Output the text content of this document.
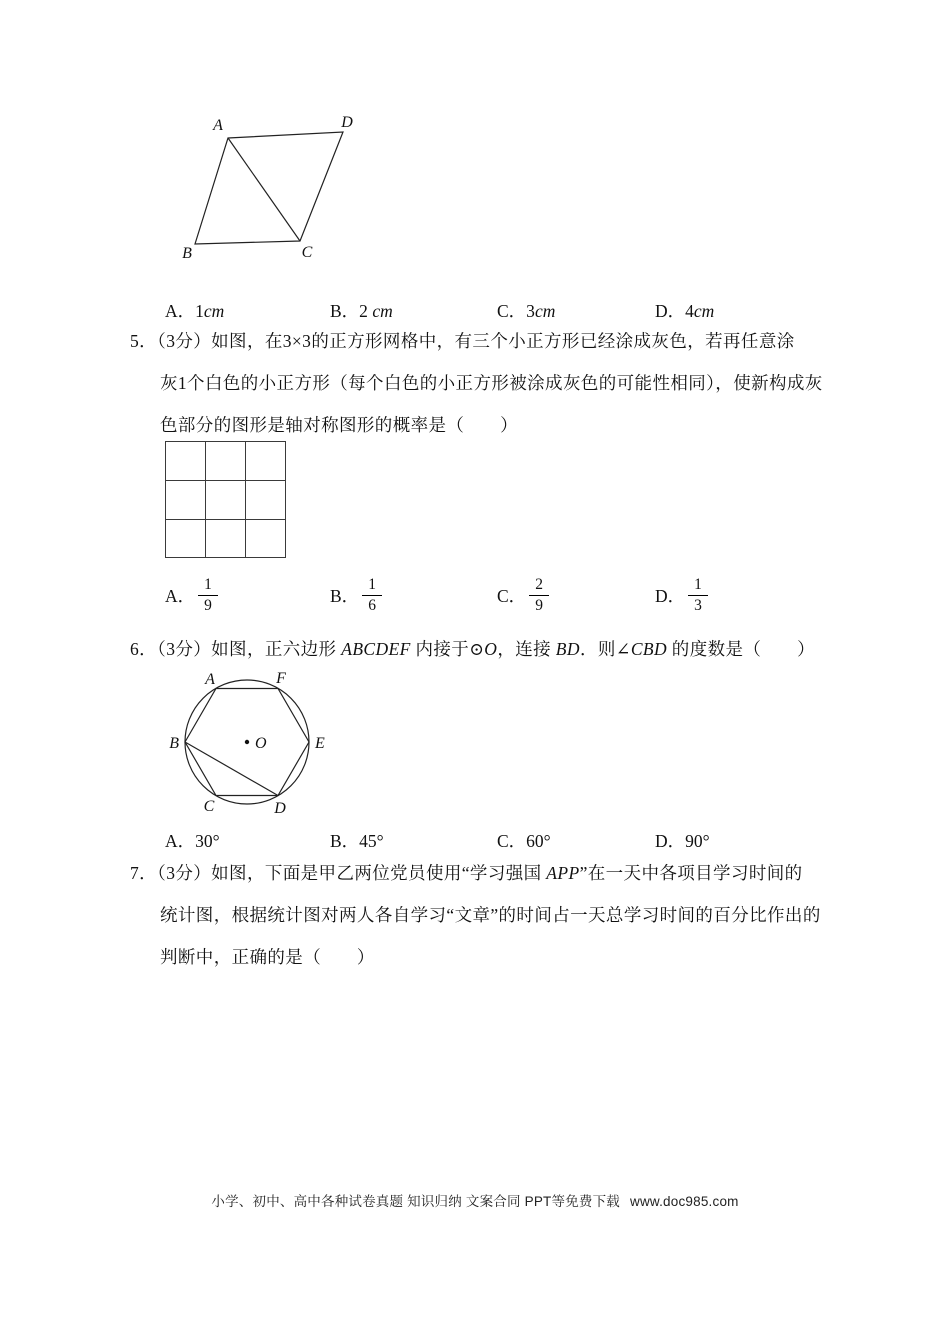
A	D
B	C
A．1cm	B．2 cm	C．3cm	D．4cm
5．（3分）如图，在3×3的正方形网格中，有三个小正方形已经涂成灰色，若再任意涂
灰1个白色的小正方形（每个白色的小正方形被涂成灰色的可能性相同），使新构成灰
色部分的图形是轴对称图形的概率是（　　）
A． $\frac{1}{9}$	B． $\frac{1}{6}$	C． $\frac{2}{9}$	D． $\frac{1}{3}$
6．（3分）如图，正六边形 ABCDEF 内接于⊙O，连接 BD．则∠CBD 的度数是（　　）
A	F
B	E
O
C	D
A．30°	B．45°	C．60°	D．90°
7．（3分）如图，下面是甲乙两位党员使用“学习强国 APP”在一天中各项目学习时间的
统计图，根据统计图对两人各自学习“文章”的时间占一天总学习时间的百分比作出的
判断中，正确的是（　　）
小学、初中、高中各种试卷真题 知识归纳 文案合同 PPT等免费下载 www.doc985.com
